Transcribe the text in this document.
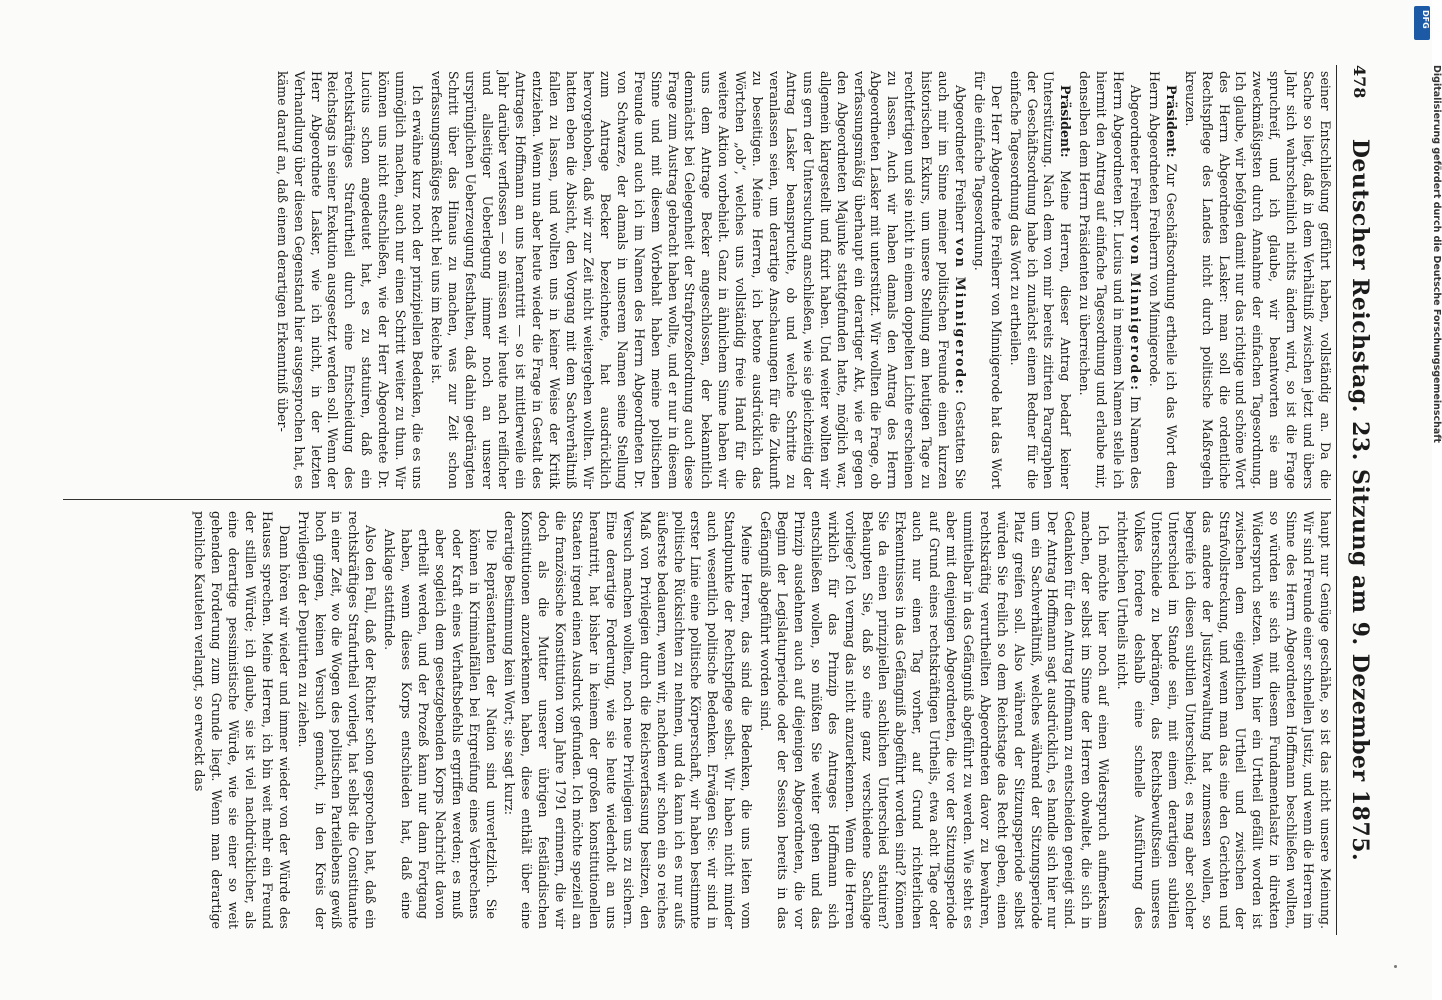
478
Deutscher Reichstag. 23. Sitzung am 9. Dezember 1875.

seiner Entschließung geführt haben, vollständig an. Da die Sache so liegt, daß in dem Verhältniß zwischen jetzt und übers Jahr sich wahrscheinlich nichts ändern wird, so ist die Frage spruchreif, und ich glaube, wir beantworten sie am zweckmäßigsten durch Annahme der einfachen Tagesordnung. Ich glaube, wir befolgen damit nur das richtige und schöne Wort des Herrn Abgeordneten Lasker: man soll die ordentliche Rechtspflege des Landes nicht durch politische Maßregeln kreuzen.

Präsident: Zur Geschäftsordnung ertheile ich das Wort dem Herrn Abgeordneten Freiherrn von Minnigerode.

Abgeordneter Freiherr von Minnigerode: Im Namen des Herrn Abgeordneten Dr. Lucius und in meinem Namen stelle ich hiermit den Antrag auf einfache Tagesordnung und erlaube mir, denselben dem Herrn Präsidenten zu überreichen.

Präsident: Meine Herren, dieser Antrag bedarf keiner Unterstützung. Nach dem von mir bereits zitirten Paragraphen der Geschäftsordnung habe ich zunächst einem Redner für die einfache Tagesordnung das Wort zu ertheilen.

Der Herr Abgeordnete Freiherr von Minnigerode hat das Wort für die einfache Tagesordnung.

Abgeordneter Freiherr von Minnigerode: Gestatten Sie auch mir im Sinne meiner politischen Freunde einen kurzen historischen Exkurs, um unsere Stellung am heutigen Tage zu rechtfertigen und sie nicht in einem doppelten Lichte erscheinen zu lassen. Auch wir haben damals den Antrag des Herrn Abgeordneten Lasker mit unterstützt. Wir wollten die Frage, ob verfassungsmäßig überhaupt ein derartiger Akt, wie er gegen den Abgeordneten Majunke stattgefunden hatte, möglich war, allgemein klargestellt und fixirt haben. Und weiter wollten wir uns gern der Untersuchung anschließen, wie sie gleichzeitig der Antrag Lasker beanspruchte, ob und welche Schritte zu veranlassen seien, um derartige Anschauungen für die Zukunft zu beseitigen. Meine Herren, ich betone ausdrücklich das Wörtchen „ob“, welches uns vollständig freie Hand für die weitere Aktion vorbehielt. Ganz in ähnlichem Sinne haben wir uns dem Antrage Becker angeschlossen, der bekanntlich demnächst bei Gelegenheit der Strafprozeßordnung auch diese Frage zum Austrag gebracht haben wollte, und er nur in diesem Sinne und mit diesem Vorbehalt haben meine politischen Freunde und auch ich im Namen des Herrn Abgeordneten Dr. von Schwarze, der damals in unserem Namen seine Stellung zum Antrage Becker bezeichnete, hat ausdrücklich hervorgehoben, daß wir zur Zeit nicht weitergehen wollten. Wir hatten eben die Absicht, den Vorgang mit dem Sachverhältniß fallen zu lassen, und wollten uns in keiner Weise der Kritik entziehen. Wenn nun aber heute wieder die Frage in Gestalt des Antrages Hoffmann an uns herantritt — so ist mittlerweile ein Jahr darüber verflossen — so müssen wir heute nach reiflicher und allseitiger Ueberlegung immer noch an unserer ursprünglichen Ueberzeugung festhalten, daß dahin gedrängten Schritt über das Hinaus zu machen, was zur Zeit schon verfassungsmäßiges Recht bei uns im Reiche ist.

Ich erwähne kurz noch der prinzipiellen Bedenken, die es uns unmöglich machen, auch nur einen Schritt weiter zu thun. Wir können uns nicht entschließen, wie der Herr Abgeordnete Dr. Lucius schon angedeutet hat, es zu statuiren, daß ein rechtskräftiges Strafurtheil durch eine Entscheidung des Reichstags in seiner Exekution ausgesetzt werden soll. Wenn der Herr Abgeordnete Lasker, wie ich nicht, in der letzten Verhandlung über diesen Gegenstand hier ausgesprochen hat, es käme darauf an, daß einem derartigen Erkenntniß über-

haupt nur Genüge geschähe, so ist das nicht unsere Meinung. Wir sind Freunde einer schnellen Justiz, und wenn die Herren im Sinne des Herrn Abgeordneten Hoffmann beschließen wollten, so würden sie sich mit diesem Fundamentalsatz in direkten Widerspruch setzen. Wenn hier ein Urtheil gefällt worden ist zwischen dem eigentlichen Urtheil und zwischen der Strafvollstreckung, und wenn man das eine den Gerichten und das andere der Justizverwaltung hat zumessen wollen, so begreife ich diesen subtilen Unterschied; es mag aber solcher Unterschied im Stande sein, mit einem derartigen subtilen Unterschiede zu bedrängen, das Rechtsbewußtsein unseres Volkes fordere deshalb eine schnelle Ausführung des richterlichen Urtheils nicht.

Ich möchte hier noch auf einen Widerspruch aufmerksam machen, der selbst im Sinne der Herren obwaltet, die sich in Gedanken für den Antrag Hoffmann zu entscheiden geneigt sind. Der Antrag Hoffmann sagt ausdrücklich, es handle sich hier nur um ein Sachverhältniß, welches während der Sitzungsperiode Platz greifen soll. Also während der Sitzungsperiode selbst würden Sie freilich so dem Reichstage das Recht geben, einen rechtskräftig verurtheilten Abgeordneten davor zu bewahren, unmittelbar in das Gefängniß abgeführt zu werden. Wie steht es aber mit denjenigen Abgeordneten, die vor der Sitzungsperiode auf Grund eines rechtskräftigen Urtheils, etwa acht Tage oder auch nur einen Tag vorher, auf Grund richterlichen Erkenntnisses in das Gefängniß abgeführt worden sind? Können Sie da einen prinzipiellen sachlichen Unterschied statuiren? Behaupten Sie, daß so eine ganz verschiedene Sachlage vorliege? Ich vermag das nicht anzuerkennen. Wenn die Herren wirklich für das Prinzip des Antrages Hoffmann sich entschließen wollen, so müßten Sie weiter gehen und das Prinzip ausdehnen auch auf diejenigen Abgeordneten, die vor Beginn der Legislaturperiode oder der Session bereits in das Gefängniß abgeführt worden sind.

Meine Herren, das sind die Bedenken, die uns leiten vom Standpunkte der Rechtspflege selbst. Wir haben nicht minder auch wesentlich politische Bedenken. Erwägen Sie: wir sind in erster Linie eine politische Körperschaft, wir haben bestimmte politische Rücksichten zu nehmen, und da kann ich es nur aufs äußerste bedauern, wenn wir, nachdem wir schon ein so reiches Maß von Privilegien durch die Reichsverfassung besitzen, den Versuch machen wollten, noch neue Privilegien uns zu sichern. Eine derartige Forderung, wie sie heute wiederholt an uns herantritt, hat bisher in keinem der großen konstitutionellen Staaten irgend einen Ausdruck gefunden. Ich möchte speziell an die französische Konstitution vom Jahre 1791 erinnern, die wir doch als die Mutter unserer übrigen festländischen Konstitutionen anzuerkennen haben, diese enthält über eine derartige Bestimmung kein Wort; sie sagt kurz:

Die Repräsentanten der Nation sind unverletzlich. Sie können in Kriminalfällen bei Ergreifung eines Verbrechens oder Kraft eines Verhaftsbefehls ergriffen werden; es muß aber sogleich dem gesetzgebenden Korps Nachricht davon ertheilt werden, und der Prozeß kann nur dann Fortgang haben, wenn dieses Korps entschieden hat, daß eine Anklage stattfinde.

Also den Fall, daß der Richter schon gesprochen hat, daß ein rechtskräftiges Strafurtheil vorliegt, hat selbst die Constituante in einer Zeit, wo die Wogen des politischen Parteilebens gewiß hoch gingen, keinen Versuch gemacht, in den Kreis der Privilegien der Deputirten zu ziehen.

Dann hören wir wieder und immer wieder von der Würde des Hauses sprechen. Meine Herren, ich bin weit mehr ein Freund der stillen Würde; ich glaube, sie ist viel nachdrücklicher, als eine derartige pessimistische Würde, wie sie einer so weit gehenden Forderung zum Grunde liegt. Wenn man derartige peinliche Kautelen verlangt, so erweckt das

Digitalisierung gefördert durch die Deutsche Forschungsgemeinschaft
DFG
